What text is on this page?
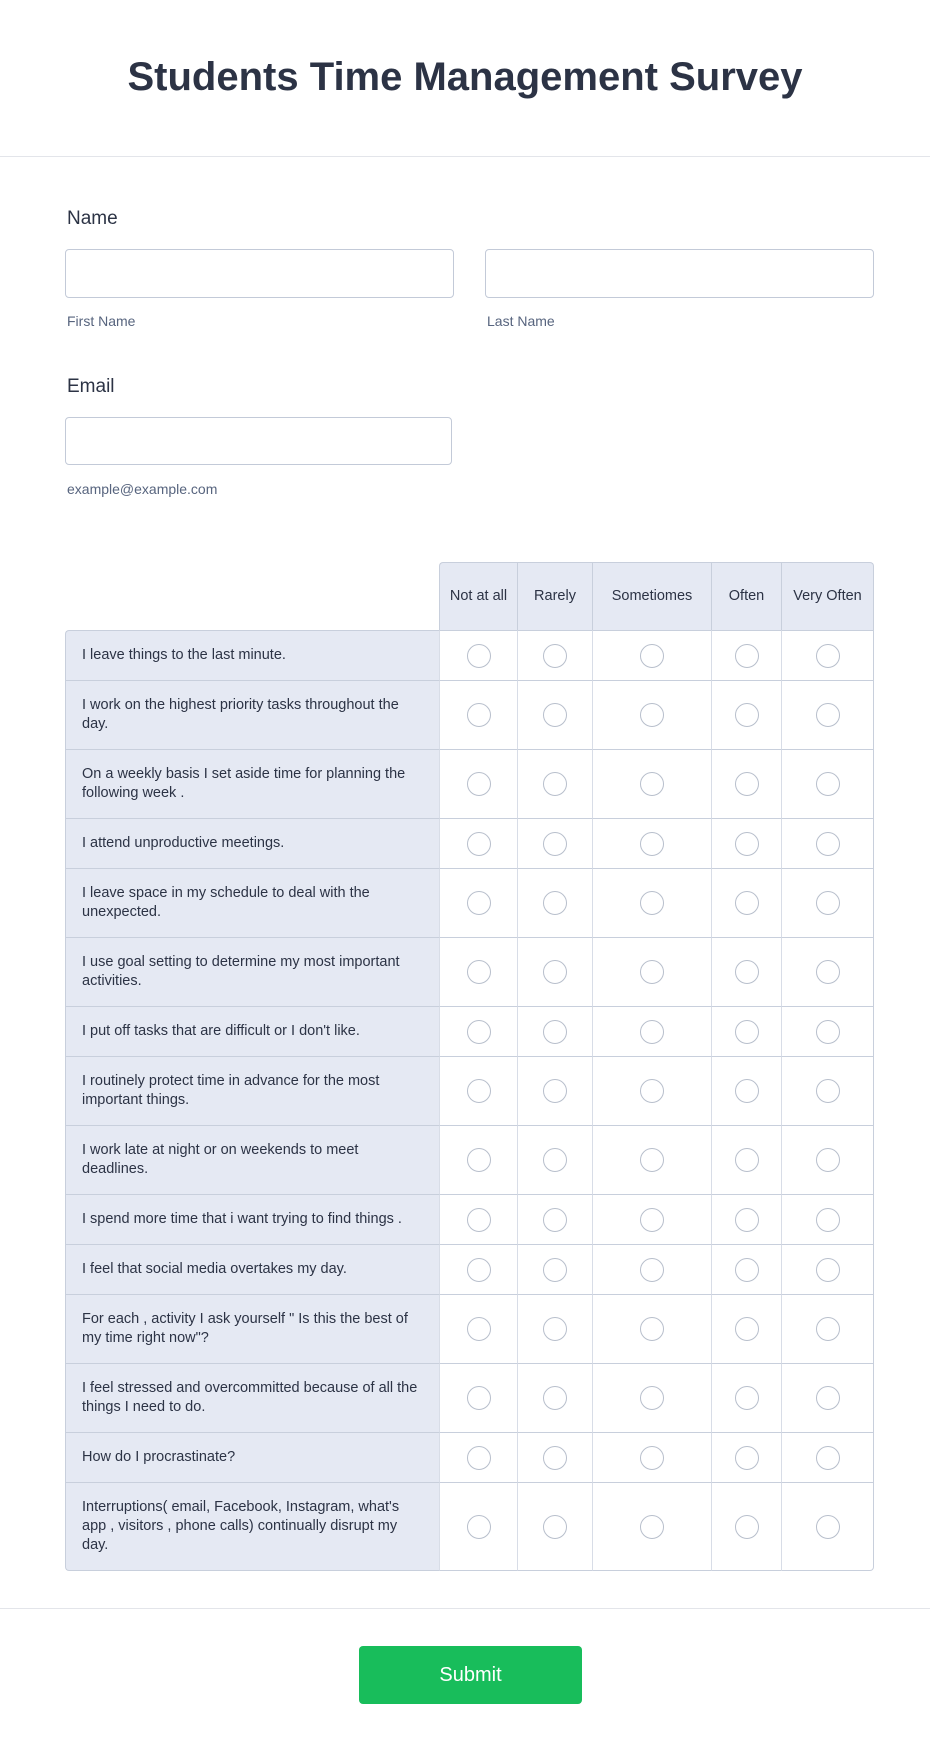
Students Time Management Survey
Name
First Name	Last Name
Email
example@example.com
	Not at all	Rarely	Sometiomes	Often	Very Often
I leave things to the last minute.					
I work on the highest priority tasks throughout the day.					
On a weekly basis I set aside time for planning the following week .					
I attend unproductive meetings.					
I leave space in my schedule to deal with the unexpected.					
I use goal setting to determine my most important activities.					
I put off tasks that are difficult or I don't like.					
I routinely protect time in advance for the most important things.					
I work late at night or on weekends to meet deadlines.					
I spend more time that i want trying to find things .					
I feel that social media overtakes my day.					
For each , activity I ask yourself " Is this the best of my time right now"?					
I feel stressed and overcommitted because of all the things I need to do.					
How do I procrastinate?					
Interruptions( email, Facebook, Instagram, what's app , visitors , phone calls) continually disrupt my day.					
Submit
